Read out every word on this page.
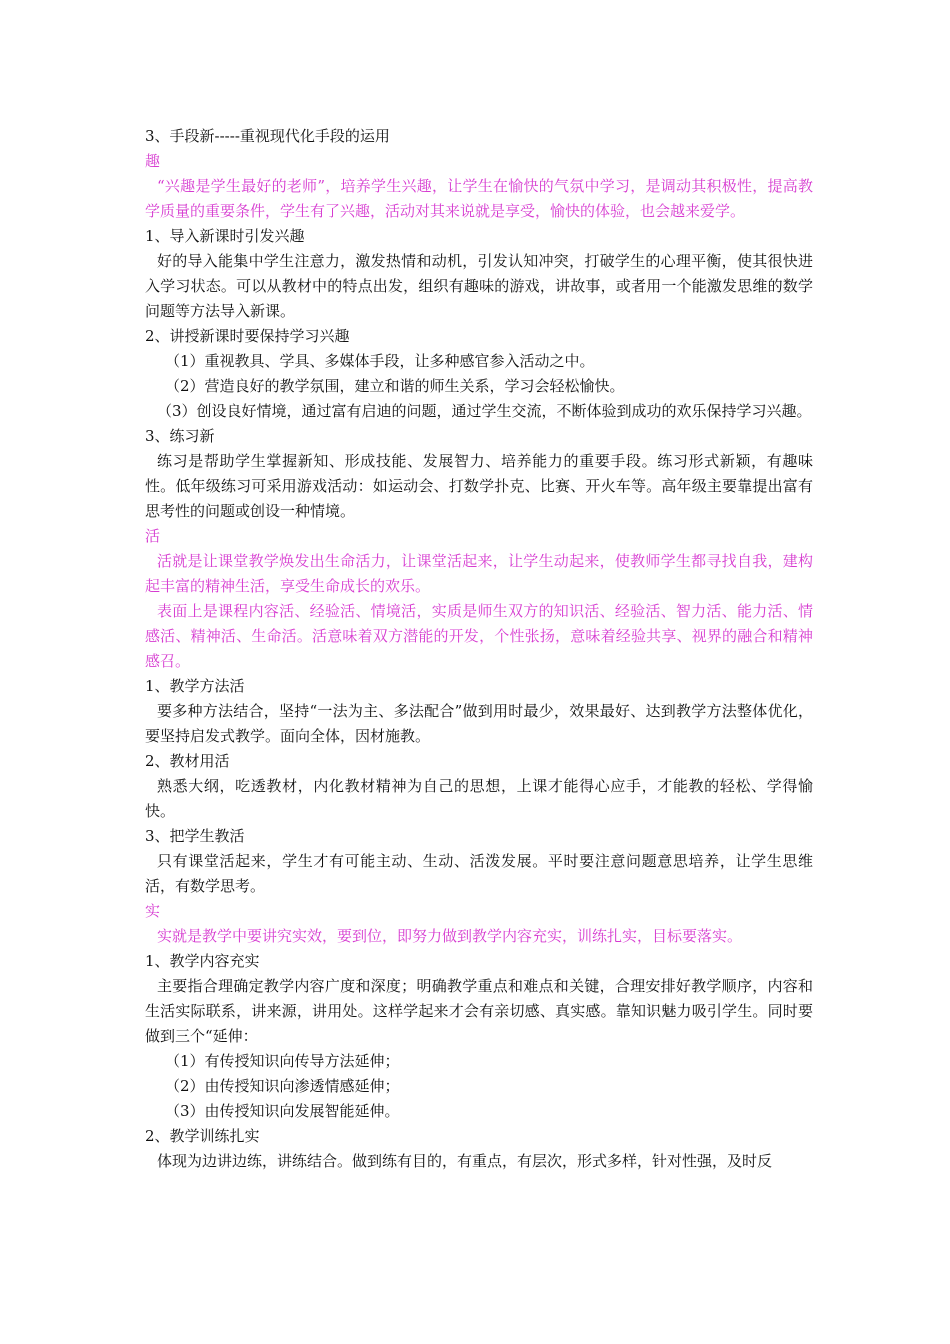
3、手段新-----重视现代化手段的运用

趣

“兴趣是学生最好的老师”，培养学生兴趣，让学生在愉快的气氛中学习，是调动其积极性，提高教学质量的重要条件，学生有了兴趣，活动对其来说就是享受，愉快的体验，也会越来爱学。

1、导入新课时引发兴趣

好的导入能集中学生注意力，激发热情和动机，引发认知冲突，打破学生的心理平衡，使其很快进入学习状态。可以从教材中的特点出发，组织有趣味的游戏，讲故事，或者用一个能激发思维的数学问题等方法导入新课。

2、讲授新课时要保持学习兴趣

（1）重视教具、学具、多媒体手段，让多种感官参入活动之中。

（2）营造良好的教学氛围，建立和谐的师生关系，学习会轻松愉快。

（3）创设良好情境，通过富有启迪的问题，通过学生交流，不断体验到成功的欢乐保持学习兴趣。

3、练习新

练习是帮助学生掌握新知、形成技能、发展智力、培养能力的重要手段。练习形式新颖，有趣味性。低年级练习可采用游戏活动：如运动会、打数学扑克、比赛、开火车等。高年级主要靠提出富有思考性的问题或创设一种情境。

活

活就是让课堂教学焕发出生命活力，让课堂活起来，让学生动起来，使教师学生都寻找自我，建构起丰富的精神生活，享受生命成长的欢乐。

表面上是课程内容活、经验活、情境活，实质是师生双方的知识活、经验活、智力活、能力活、情感活、精神活、生命活。活意味着双方潜能的开发，个性张扬，意味着经验共享、视界的融合和精神感召。

1、教学方法活

要多种方法结合，坚持“一法为主、多法配合”做到用时最少，效果最好、达到教学方法整体优化，要坚持启发式教学。面向全体，因材施教。

2、教材用活

熟悉大纲，吃透教材，内化教材精神为自己的思想，上课才能得心应手，才能教的轻松、学得愉快。

3、把学生教活

只有课堂活起来，学生才有可能主动、生动、活泼发展。平时要注意问题意思培养，让学生思维活，有数学思考。

实

实就是教学中要讲究实效，要到位，即努力做到教学内容充实，训练扎实，目标要落实。

1、教学内容充实

主要指合理确定教学内容广度和深度；明确教学重点和难点和关键，合理安排好教学顺序，内容和生活实际联系，讲来源，讲用处。这样学起来才会有亲切感、真实感。靠知识魅力吸引学生。同时要做到三个“延伸：

（1）有传授知识向传导方法延伸；

（2）由传授知识向渗透情感延伸；

（3）由传授知识向发展智能延伸。

2、教学训练扎实

体现为边讲边练，讲练结合。做到练有目的，有重点，有层次，形式多样，针对性强，及时反
